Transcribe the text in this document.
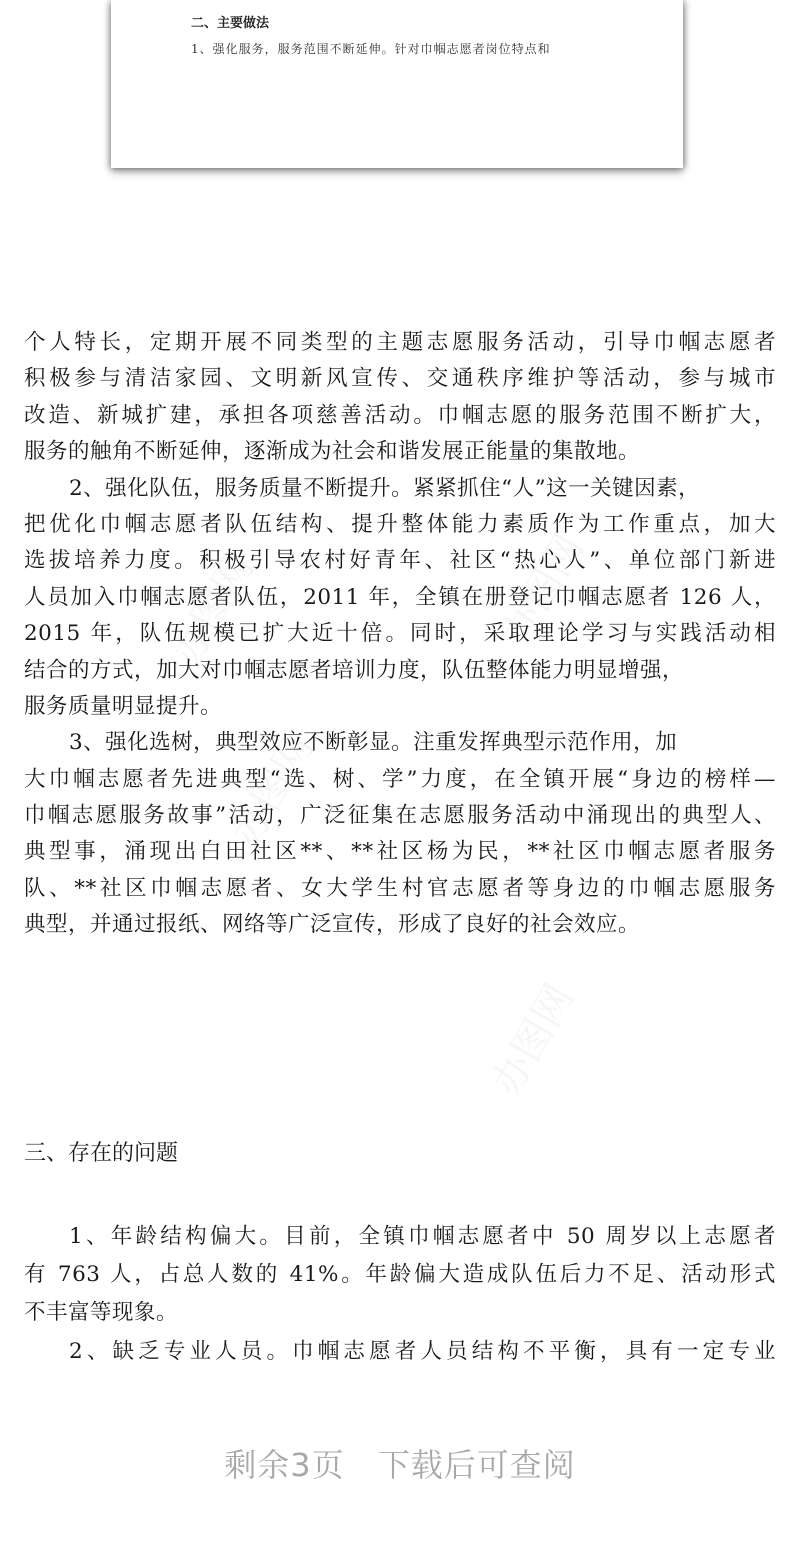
二、主要做法
1、强化服务，服务范围不断延伸。针对巾帼志愿者岗位特点和
办图网	办图网
办图网
办图网
个人特长，定期开展不同类型的主题志愿服务活动，引导巾帼志愿者
积极参与清洁家园、文明新风宣传、交通秩序维护等活动，参与城市
改造、新城扩建，承担各项慈善活动。巾帼志愿的服务范围不断扩大，
服务的触角不断延伸，逐渐成为社会和谐发展正能量的集散地。
2、强化队伍，服务质量不断提升。紧紧抓住“人”这一关键因素，
把优化巾帼志愿者队伍结构、提升整体能力素质作为工作重点，加大
选拔培养力度。积极引导农村好青年、社区“热心人”、单位部门新进
人员加入巾帼志愿者队伍，2011 年，全镇在册登记巾帼志愿者 126 人，
2015 年，队伍规模已扩大近十倍。同时，采取理论学习与实践活动相
结合的方式，加大对巾帼志愿者培训力度，队伍整体能力明显增强，
服务质量明显提升。
3、强化选树，典型效应不断彰显。注重发挥典型示范作用，加
大巾帼志愿者先进典型“选、树、学”力度，在全镇开展“身边的榜样—
巾帼志愿服务故事”活动，广泛征集在志愿服务活动中涌现出的典型人、
典型事，涌现出白田社区**、**社区杨为民，**社区巾帼志愿者服务
队、**社区巾帼志愿者、女大学生村官志愿者等身边的巾帼志愿服务
典型，并通过报纸、网络等广泛宣传，形成了良好的社会效应。
三、存在的问题
1、年龄结构偏大。目前，全镇巾帼志愿者中 50 周岁以上志愿者
有 763 人，占总人数的 41%。年龄偏大造成队伍后力不足、活动形式
不丰富等现象。
2、缺乏专业人员。巾帼志愿者人员结构不平衡，具有一定专业
剩余3页 下载后可查阅
